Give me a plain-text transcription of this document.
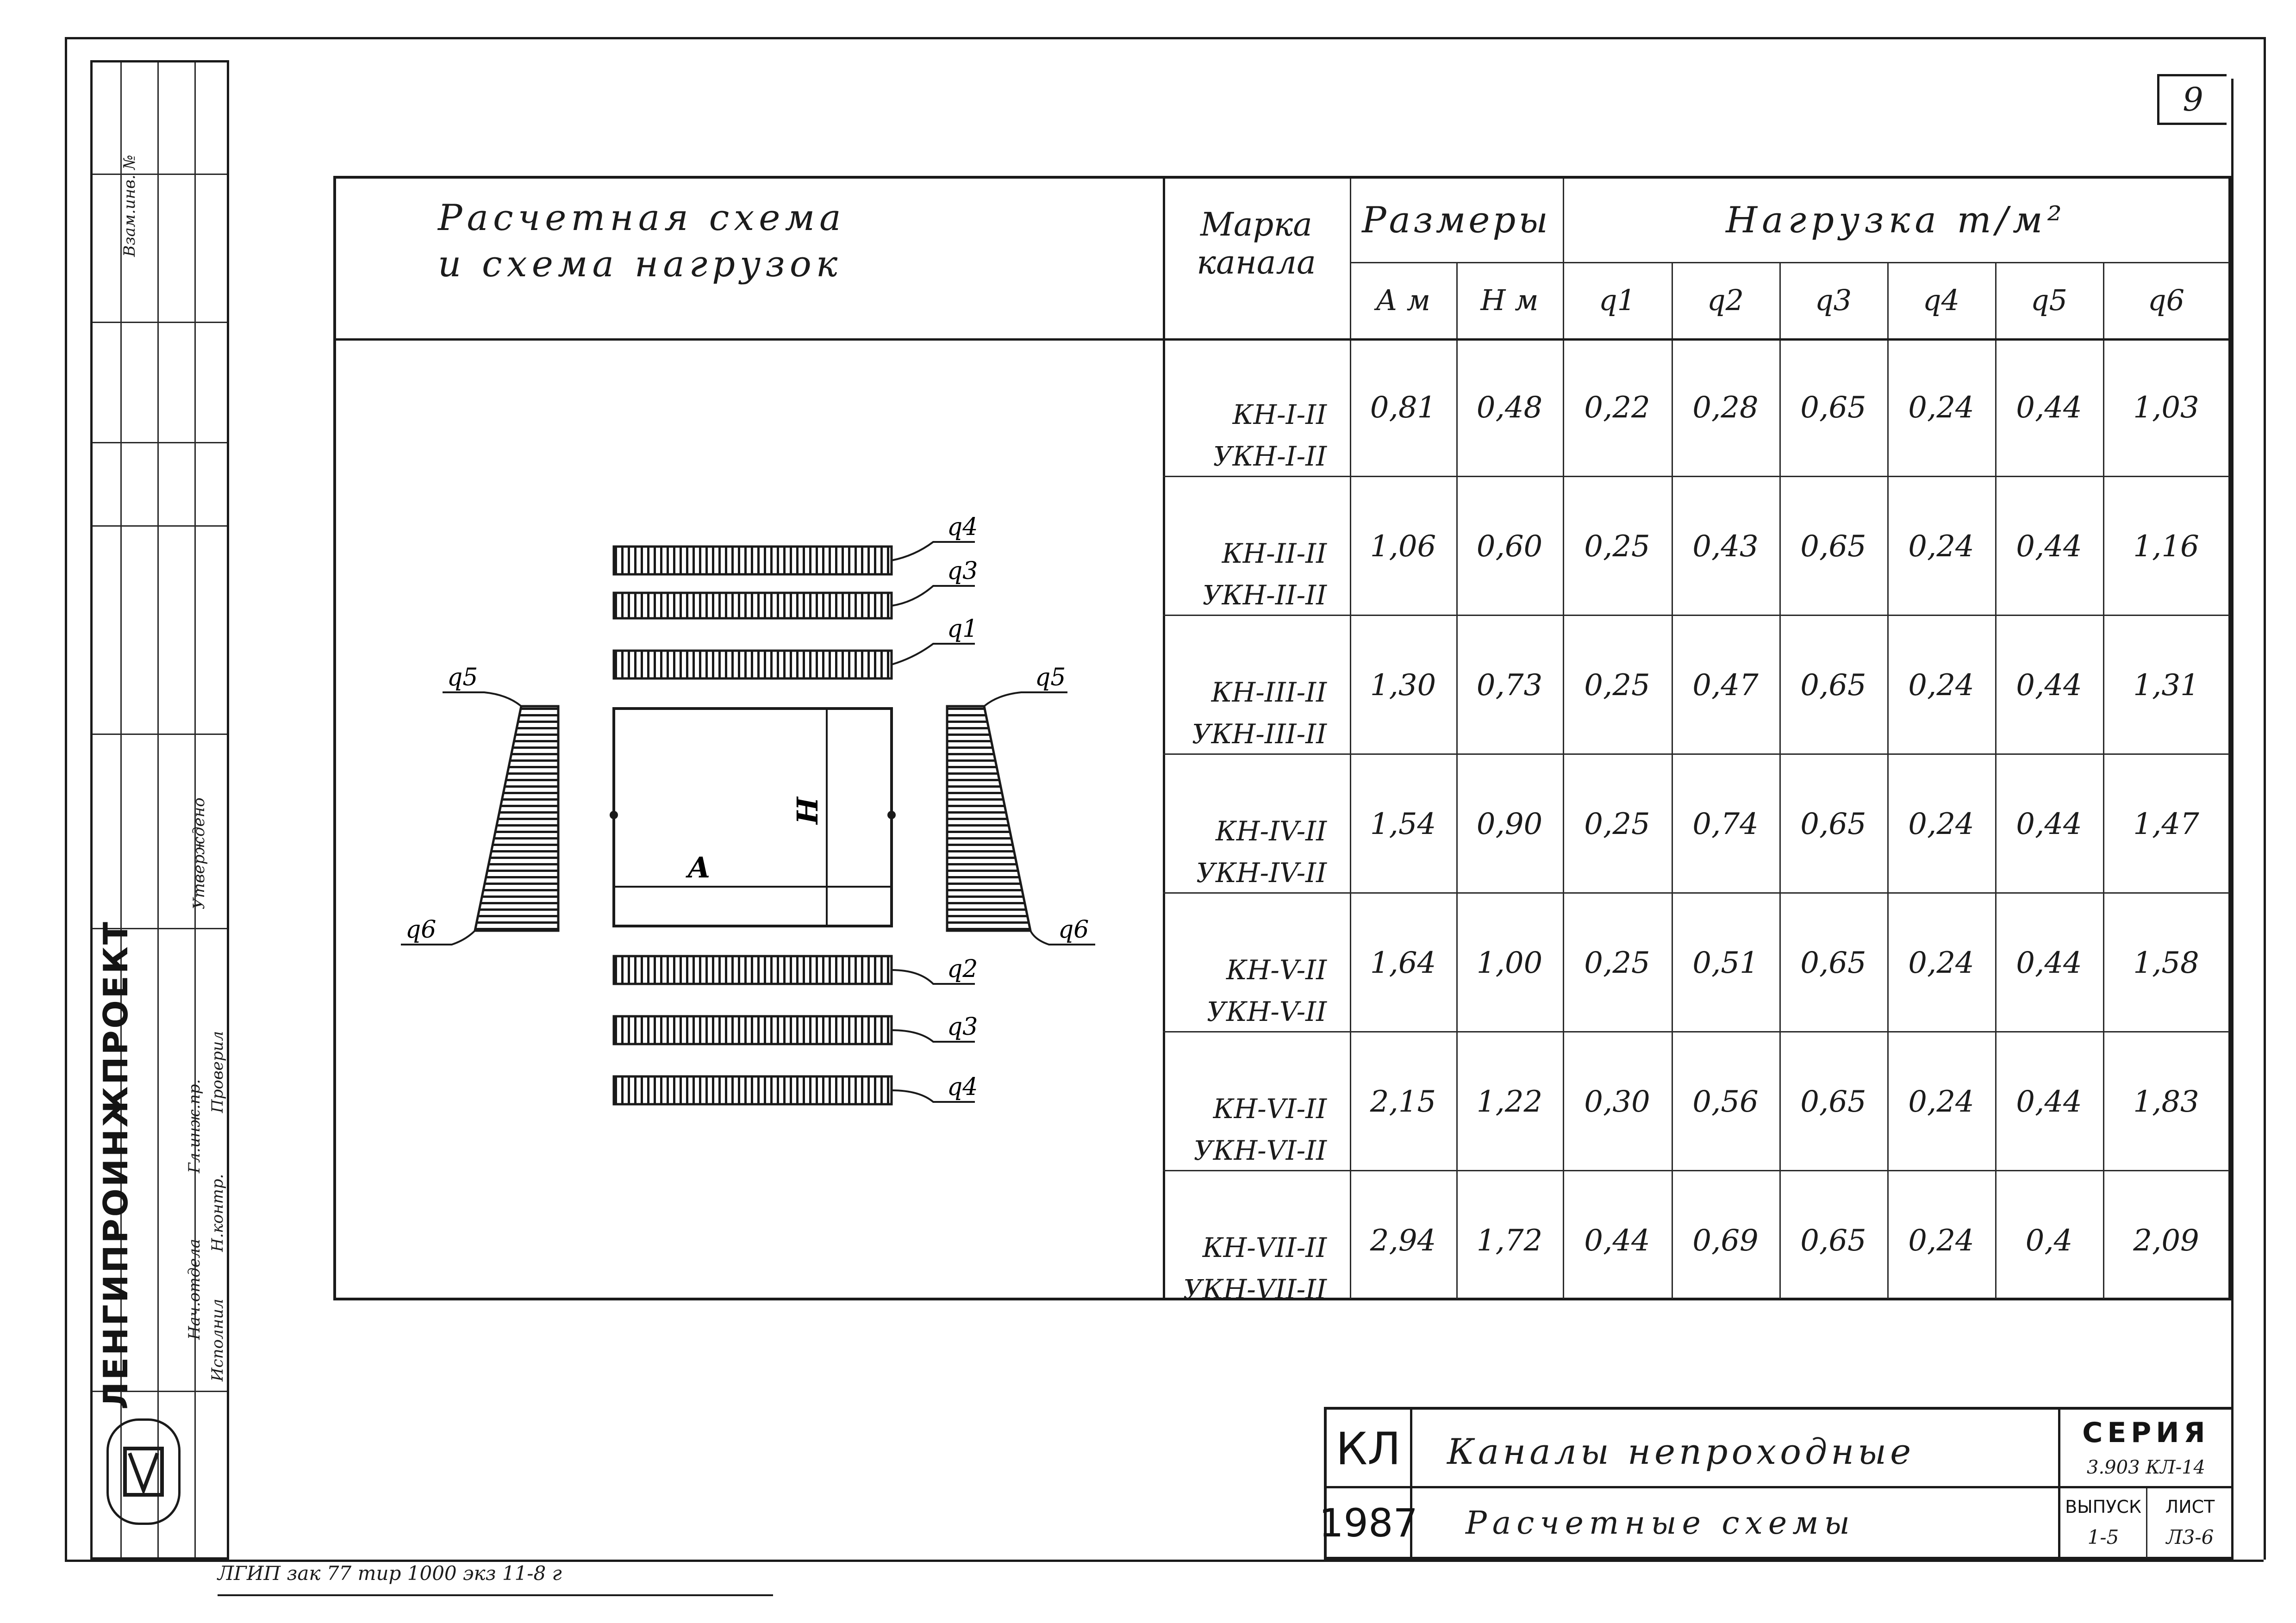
9
Взам.инв. №
Утверждено
ЛЕНГИПРОИНЖПРОЕКТ	Гл.инж.пр.
Нач.отдела
Проверил
Н.контр.
Исполнил
Расчетная схема
и схема нагрузок
Марка канала
Размеры	Нагрузка т/м²
А м	Н м	q1	q2	q3	q4	q5	q6
КН-I-II
УКН-I-II
0,81	0,48	0,22	0,28	0,65	0,24	0,44	1,03
КН-II-II
УКН-II-II
1,06	0,60	0,25	0,43	0,65	0,24	0,44	1,16
КН-III-II
УКН-III-II
1,30	0,73	0,25	0,47	0,65	0,24	0,44	1,31
КН-IV-II
УКН-IV-II
1,54	0,90	0,25	0,74	0,65	0,24	0,44	1,47
КН-V-II
УКН-V-II
1,64	1,00	0,25	0,51	0,65	0,24	0,44	1,58
КН-VI-II
УКН-VI-II
2,15	1,22	0,30	0,56	0,65	0,24	0,44	1,83
КН-VII-II
УКН-VII-II
2,94	1,72	0,44	0,69	0,65	0,24	0,4	2,09
q4
q3
q1
q5	q5
q6	q6
q2
q3
q4
A
H
КЛ
1987
Каналы непроходные
Расчетные схемы
СЕРИЯ
3.903 КЛ-14
ВЫПУСК
1-5
ЛИСТ
Л3-6
ЛГИП зак 77 тир 1000 экз 11-8 г
